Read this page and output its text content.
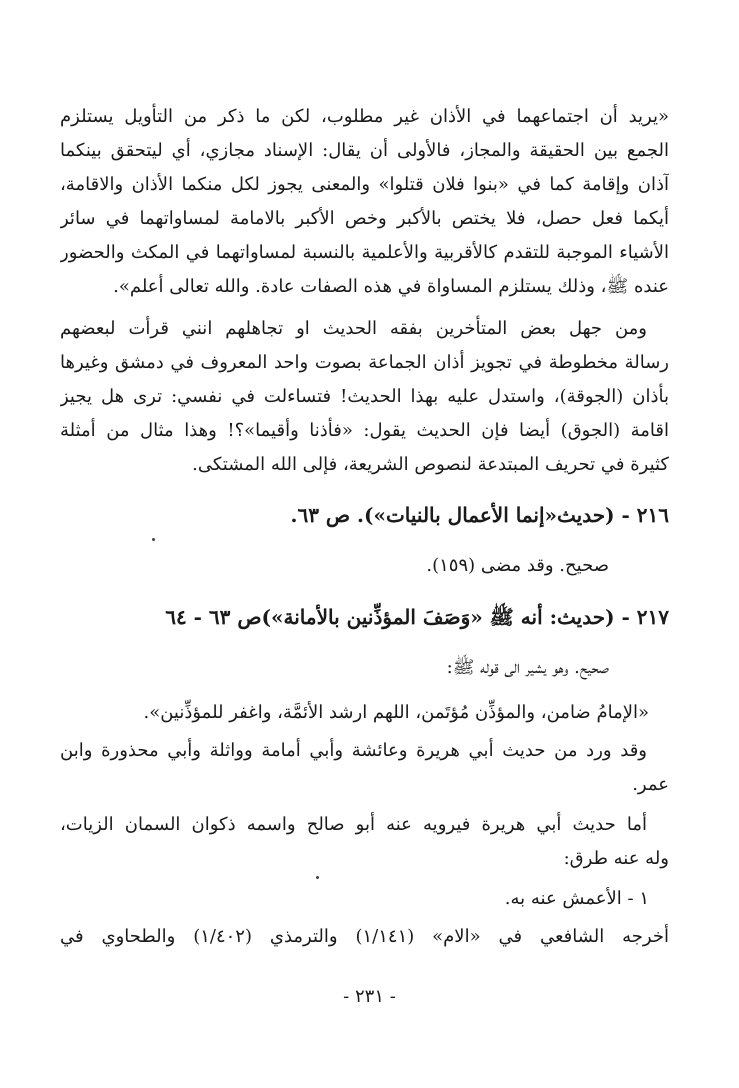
«يريد أن اجتماعهما في الأذان غير مطلوب، لكن ما ذكر من التأويل يستلزم
الجمع بين الحقيقة والمجاز، فالأولى أن يقال: الإسناد مجازي، أي ليتحقق بينكما
آذان وإقامة كما في «بنوا فلان قتلوا» والمعنى يجوز لكل منكما الأذان والاقامة،
أيكما فعل حصل، فلا يختص بالأكبر وخص الأكبر بالامامة لمساواتهما في سائر
الأشياء الموجبة للتقدم كالأقربية والأعلمية بالنسبة لمساواتهما في المكث والحضور
عنده ﷺ، وذلك يستلزم المساواة في هذه الصفات عادة. والله تعالى أعلم».
ومن جهل بعض المتأخرين بفقه الحديث او تجاهلهم انني قرأت لبعضهم
رسالة مخطوطة في تجويز أذان الجماعة بصوت واحد المعروف في دمشق وغيرها
بأذان (الجوقة)، واستدل عليه بهذا الحديث! فتساءلت في نفسي: ترى هل يجيز
اقامة (الجوق) أيضا فإن الحديث يقول: «فأذنا وأقيما»؟! وهذا مثال من أمثلة
كثيرة في تحريف المبتدعة لنصوص الشريعة، فإلى الله المشتكى.
٢١٦ - (حديث«إنما الأعمال بالنيات»). ص ٦٣.
صحيح. وقد مضى (١٥٩).
٢١٧ - (حديث: أنه ﷺ «وَصَفَ المؤذِّنين بالأمانة»)ص ٦٣ - ٦٤
صحيح. وهو يشير الى قوله ﷺ:
«الإمامُ ضامن، والمؤذِّن مُؤتَمن، اللهم ارشد الأئمَّة، واغفر للمؤذِّنين».
وقد ورد من حديث أبي هريرة وعائشة وأبي أمامة وواثلة وأبي محذورة وابن
عمر.
أما حديث أبي هريرة فيرويه عنه أبو صالح واسمه ذكوان السمان الزيات،
وله عنه طرق:
١ - الأعمش عنه به.
أخرجه الشافعي في «الام» (١/١٤١) والترمذي (١/٤٠٢) والطحاوي في
- ٢٣١ -
